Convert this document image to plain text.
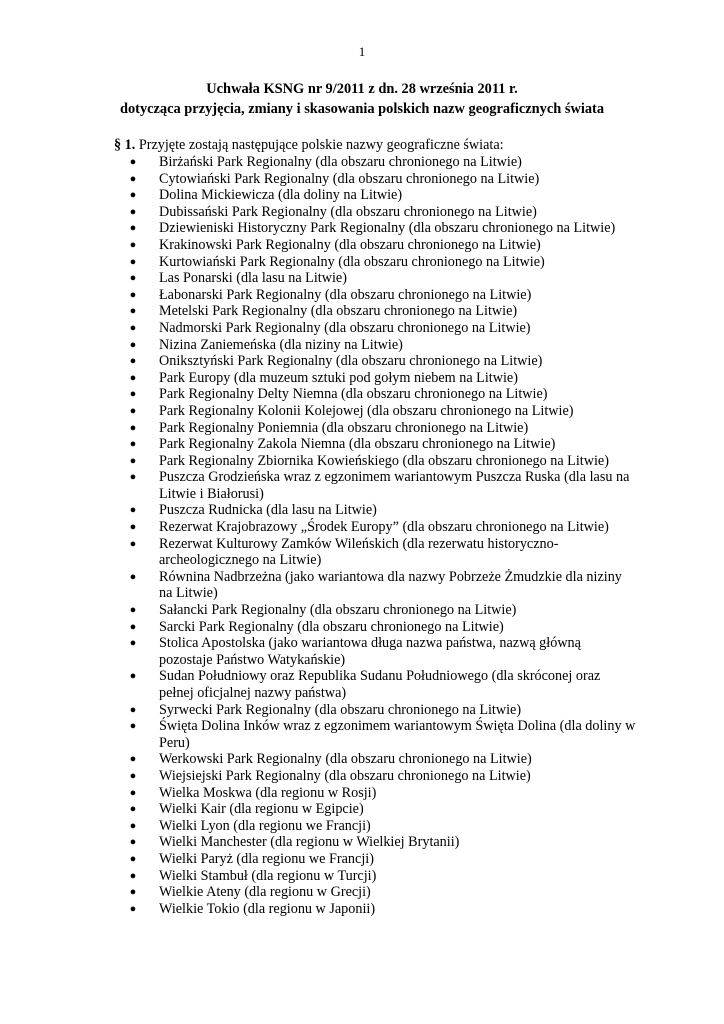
1
Uchwała KSNG nr 9/2011 z dn. 28 września 2011 r.
dotycząca przyjęcia, zmiany i skasowania polskich nazw geograficznych świata
§ 1. Przyjęte zostają następujące polskie nazwy geograficzne świata:
● Birżański Park Regionalny (dla obszaru chronionego na Litwie)
● Cytowiański Park Regionalny (dla obszaru chronionego na Litwie)
● Dolina Mickiewicza (dla doliny na Litwie)
● Dubissański Park Regionalny (dla obszaru chronionego na Litwie)
● Dziewieniski Historyczny Park Regionalny (dla obszaru chronionego na Litwie)
● Krakinowski Park Regionalny (dla obszaru chronionego na Litwie)
● Kurtowiański Park Regionalny (dla obszaru chronionego na Litwie)
● Las Ponarski (dla lasu na Litwie)
● Łabonarski Park Regionalny (dla obszaru chronionego na Litwie)
● Metelski Park Regionalny (dla obszaru chronionego na Litwie)
● Nadmorski Park Regionalny (dla obszaru chronionego na Litwie)
● Nizina Zaniemeńska (dla niziny na Litwie)
● Oniksztyński Park Regionalny (dla obszaru chronionego na Litwie)
● Park Europy (dla muzeum sztuki pod gołym niebem na Litwie)
● Park Regionalny Delty Niemna (dla obszaru chronionego na Litwie)
● Park Regionalny Kolonii Kolejowej (dla obszaru chronionego na Litwie)
● Park Regionalny Poniemnia (dla obszaru chronionego na Litwie)
● Park Regionalny Zakola Niemna (dla obszaru chronionego na Litwie)
● Park Regionalny Zbiornika Kowieńskiego (dla obszaru chronionego na Litwie)
● Puszcza Grodzieńska wraz z egzonimem wariantowym Puszcza Ruska (dla lasu na Litwie i Białorusi)
● Puszcza Rudnicka (dla lasu na Litwie)
● Rezerwat Krajobrazowy „Środek Europy” (dla obszaru chronionego na Litwie)
● Rezerwat Kulturowy Zamków Wileńskich (dla rezerwatu historyczno-archeologicznego na Litwie)
● Równina Nadbrzeżna (jako wariantowa dla nazwy Pobrzeże Żmudzkie dla niziny na Litwie)
● Sałancki Park Regionalny (dla obszaru chronionego na Litwie)
● Sarcki Park Regionalny (dla obszaru chronionego na Litwie)
● Stolica Apostolska (jako wariantowa długa nazwa państwa, nazwą główną pozostaje Państwo Watykańskie)
● Sudan Południowy oraz Republika Sudanu Południowego (dla skróconej oraz pełnej oficjalnej nazwy państwa)
● Syrwecki Park Regionalny (dla obszaru chronionego na Litwie)
● Święta Dolina Inków wraz z egzonimem wariantowym Święta Dolina (dla doliny w Peru)
● Werkowski Park Regionalny (dla obszaru chronionego na Litwie)
● Wiejsiejski Park Regionalny (dla obszaru chronionego na Litwie)
● Wielka Moskwa (dla regionu w Rosji)
● Wielki Kair (dla regionu w Egipcie)
● Wielki Lyon (dla regionu we Francji)
● Wielki Manchester (dla regionu w Wielkiej Brytanii)
● Wielki Paryż (dla regionu we Francji)
● Wielki Stambuł (dla regionu w Turcji)
● Wielkie Ateny (dla regionu w Grecji)
● Wielkie Tokio (dla regionu w Japonii)
